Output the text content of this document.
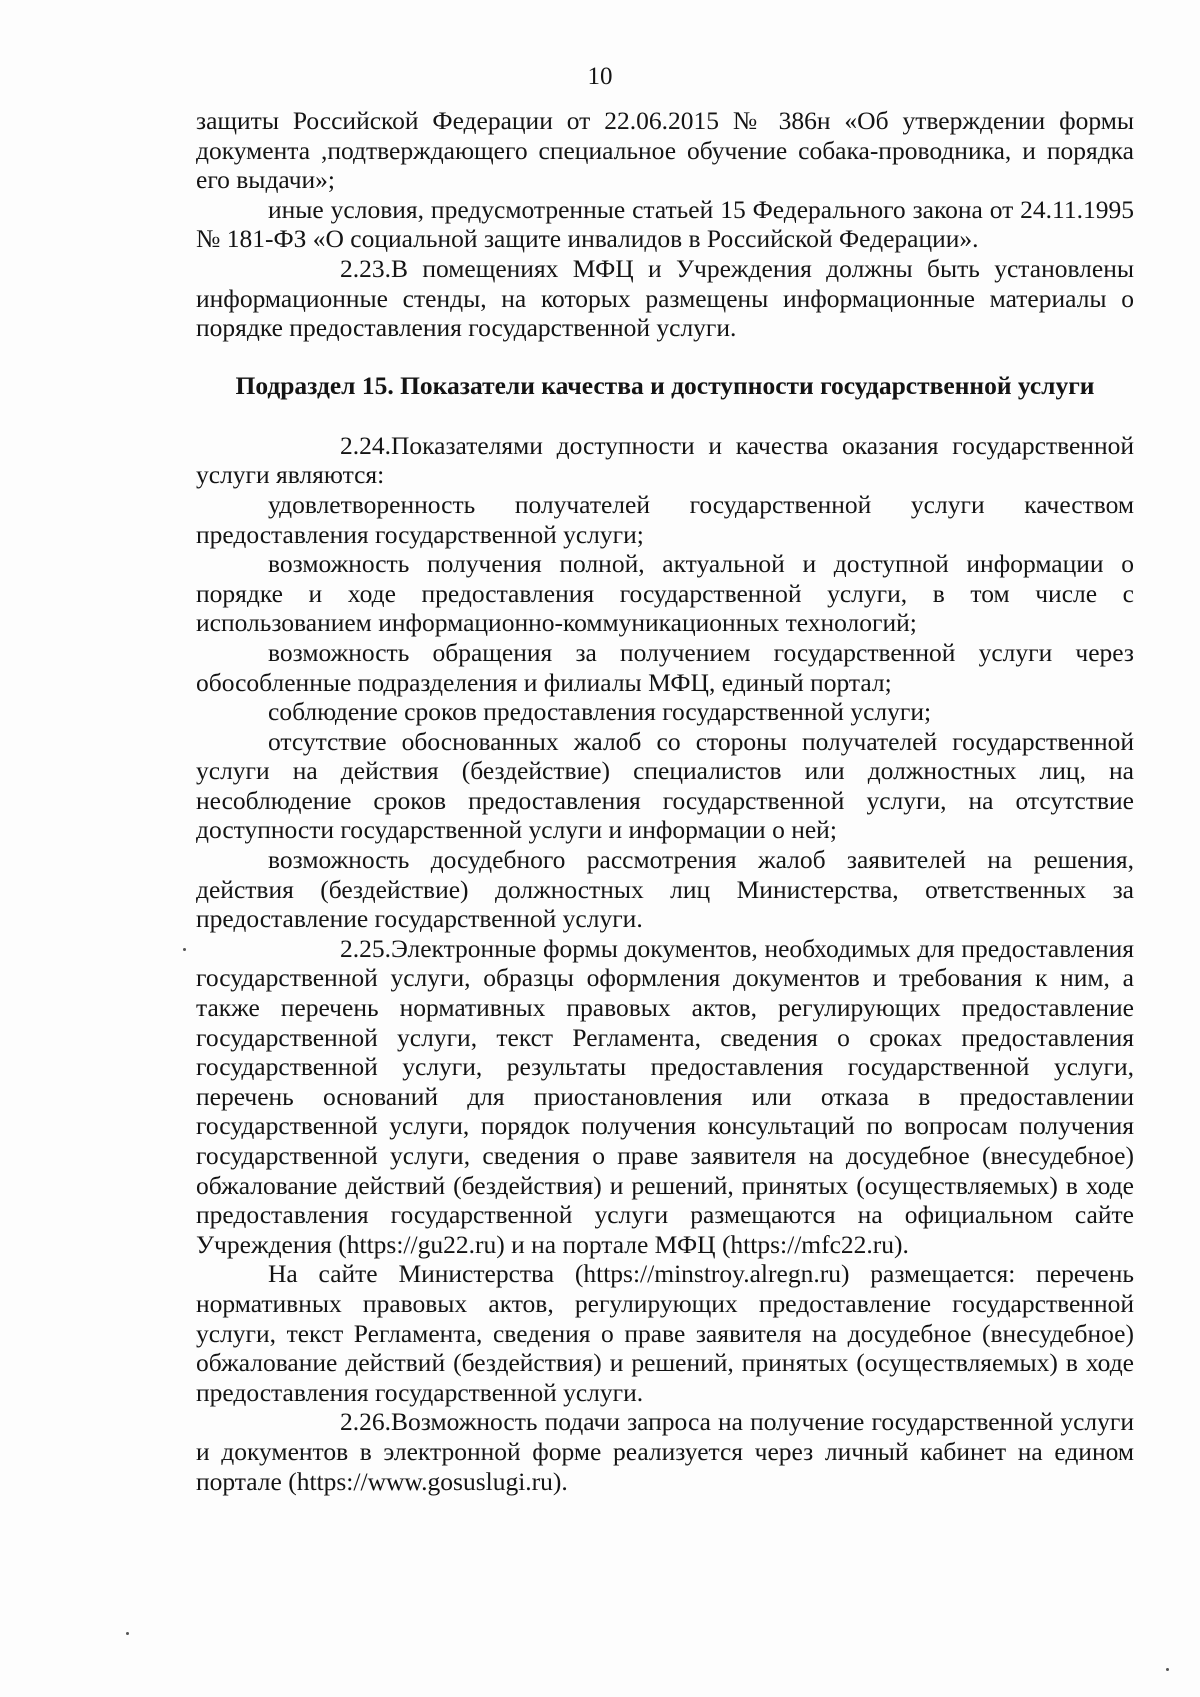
10

защиты Российской Федерации от 22.06.2015 № 386н «Об утверждении формы документа ,подтверждающего специальное обучение собака-проводника, и порядка его выдачи»;

иные условия, предусмотренные статьей 15 Федерального закона от 24.11.1995 № 181-ФЗ «О социальной защите инвалидов в Российской Федерации».

2.23.В помещениях МФЦ и Учреждения должны быть установлены информационные стенды, на которых размещены информационные материалы о порядке предоставления государственной услуги.

Подраздел 15. Показатели качества и доступности государственной услуги

2.24.Показателями доступности и качества оказания государственной услуги являются:

удовлетворенность получателей государственной услуги качеством предоставления государственной услуги;

возможность получения полной, актуальной и доступной информации о порядке и ходе предоставления государственной услуги, в том числе с использованием информационно-коммуникационных технологий;

возможность обращения за получением государственной услуги через обособленные подразделения и филиалы МФЦ, единый портал;

соблюдение сроков предоставления государственной услуги;

отсутствие обоснованных жалоб со стороны получателей государственной услуги на действия (бездействие) специалистов или должностных лиц, на несоблюдение сроков предоставления государственной услуги, на отсутствие доступности государственной услуги и информации о ней;

возможность досудебного рассмотрения жалоб заявителей на решения, действия (бездействие) должностных лиц Министерства, ответственных за предоставление государственной услуги.

2.25.Электронные формы документов, необходимых для предоставления государственной услуги, образцы оформления документов и требования к ним, а также перечень нормативных правовых актов, регулирующих предоставление государственной услуги, текст Регламента, сведения о сроках предоставления государственной услуги, результаты предоставления государственной услуги, перечень оснований для приостановления или отказа в предоставлении государственной услуги, порядок получения консультаций по вопросам получения государственной услуги, сведения о праве заявителя на досудебное (внесудебное) обжалование действий (бездействия) и решений, принятых (осуществляемых) в ходе предоставления государственной услуги размещаются на официальном сайте Учреждения (https://gu22.ru) и на портале МФЦ (https://mfc22.ru).

На сайте Министерства (https://minstroy.alregn.ru) размещается: перечень нормативных правовых актов, регулирующих предоставление государственной услуги, текст Регламента, сведения о праве заявителя на досудебное (внесудебное) обжалование действий (бездействия) и решений, принятых (осуществляемых) в ходе предоставления государственной услуги.

2.26.Возможность подачи запроса на получение государственной услуги и документов в электронной форме реализуется через личный кабинет на едином портале (https://www.gosuslugi.ru).
